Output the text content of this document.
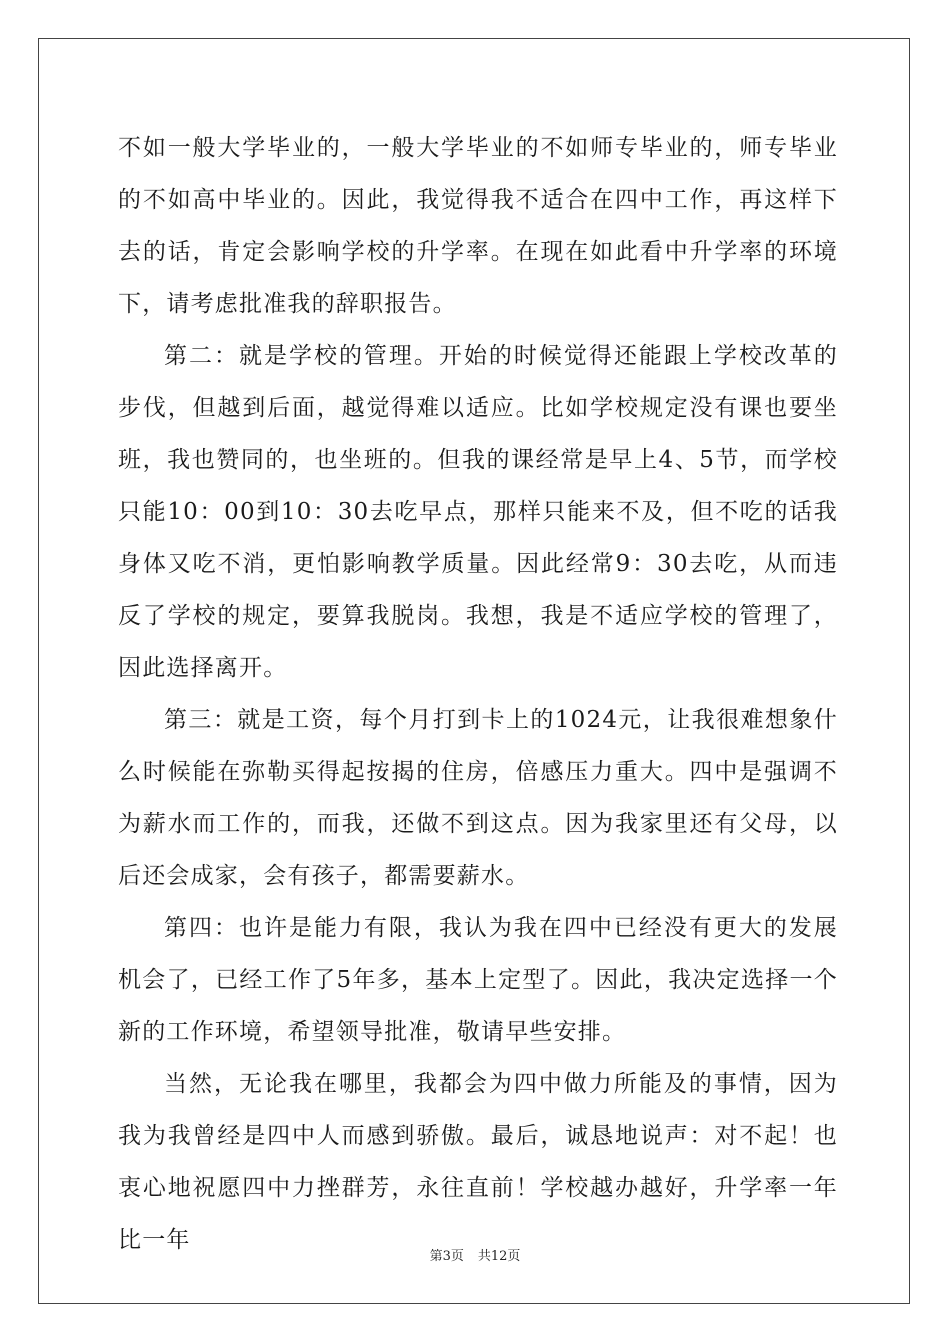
不如一般大学毕业的，一般大学毕业的不如师专毕业的，师专毕业的不如高中毕业的。因此，我觉得我不适合在四中工作，再这样下去的话，肯定会影响学校的升学率。在现在如此看中升学率的环境下，请考虑批准我的辞职报告。

第二：就是学校的管理。开始的时候觉得还能跟上学校改革的步伐，但越到后面，越觉得难以适应。比如学校规定没有课也要坐班，我也赞同的，也坐班的。但我的课经常是早上4、5节，而学校只能10：00到10：30去吃早点，那样只能来不及，但不吃的话我身体又吃不消，更怕影响教学质量。因此经常9：30去吃，从而违反了学校的规定，要算我脱岗。我想，我是不适应学校的管理了，因此选择离开。

第三：就是工资，每个月打到卡上的1024元，让我很难想象什么时候能在弥勒买得起按揭的住房，倍感压力重大。四中是强调不为薪水而工作的，而我，还做不到这点。因为我家里还有父母，以后还会成家，会有孩子，都需要薪水。

第四：也许是能力有限，我认为我在四中已经没有更大的发展机会了，已经工作了5年多，基本上定型了。因此，我决定选择一个新的工作环境，希望领导批准，敬请早些安排。

当然，无论我在哪里，我都会为四中做力所能及的事情，因为我为我曾经是四中人而感到骄傲。最后，诚恳地说声：对不起！也衷心地祝愿四中力挫群芳，永往直前！学校越办越好，升学率一年比一年

第3页 共12页
